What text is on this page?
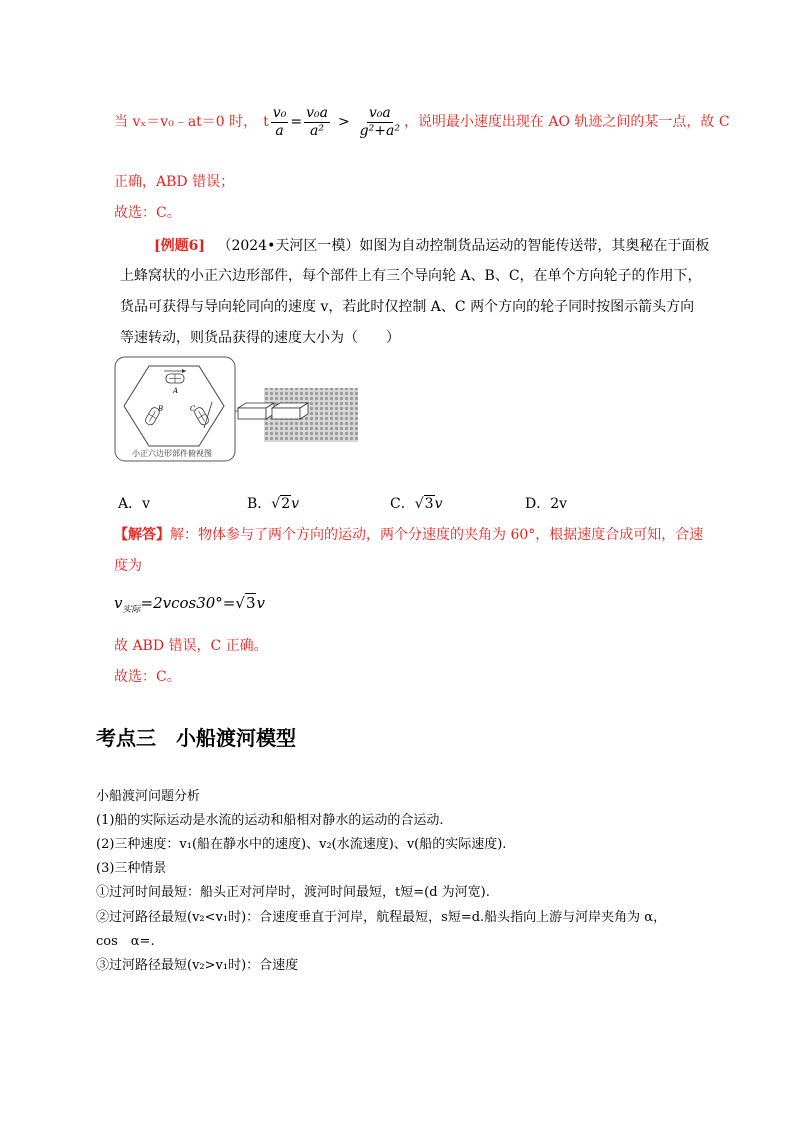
当 vₓ＝v₀﹣at＝0 时， t $\frac{\text{v₀}}{a} = \frac{\text{v₀a}}{\text{a²}} > \frac{\text{v₀a}}{\text{g²+a²}}$ ，说明最小速度出现在 AO 轨迹之间的某一点，故 C
正确，ABD 错误；
故选：C。
[例题6] （2024•天河区一模）如图为自动控制货品运动的智能传送带，其奥秘在于面板
上蜂窝状的小正六边形部件，每个部件上有三个导向轮 A、B、C，在单个方向轮子的作用下，
货品可获得与导向轮同向的速度 v，若此时仅控制 A、C 两个方向的轮子同时按图示箭头方向
等速转动，则货品获得的速度大小为（　　）
A
B	C
小正六边形部件俯视图
A．v	B．√2v	C．√3v	D．2v
【解答】解：物体参与了两个方向的运动，两个分速度的夹角为 60°，根据速度合成可知，合速
度为
$v_{实际}=2vcos30^\circ=√3v$
故 ABD 错误，C 正确。
故选：C。
考点三　小船渡河模型
小船渡河问题分析
(1)船的实际运动是水流的运动和船相对静水的运动的合运动.
(2)三种速度：v₁(船在静水中的速度)、v₂(水流速度)、v(船的实际速度).
(3)三种情景
①过河时间最短：船头正对河岸时，渡河时间最短，t短=(d 为河宽).
②过河路径最短(v₂<v₁时)：合速度垂直于河岸，航程最短，s短=d.船头指向上游与河岸夹角为 α，
cos　α=.
③过河路径最短(v₂>v₁时)：合速度
